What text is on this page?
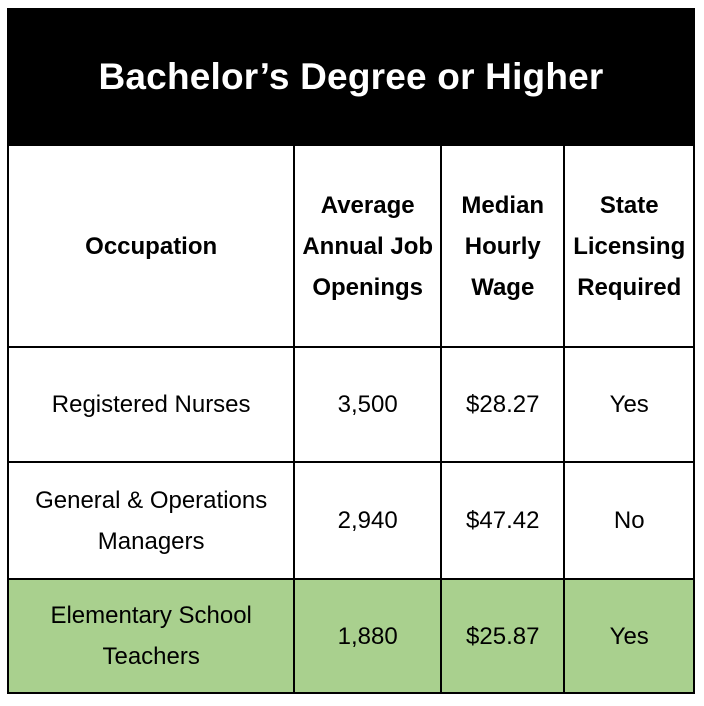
Bachelor’s Degree or Higher			
Occupation	Average Annual Job Openings	Median Hourly Wage	State Licensing Required
Registered Nurses	3,500	$28.27	Yes
General & Operations Managers	2,940	$47.42	No
Elementary School Teachers	1,880	$25.87	Yes
